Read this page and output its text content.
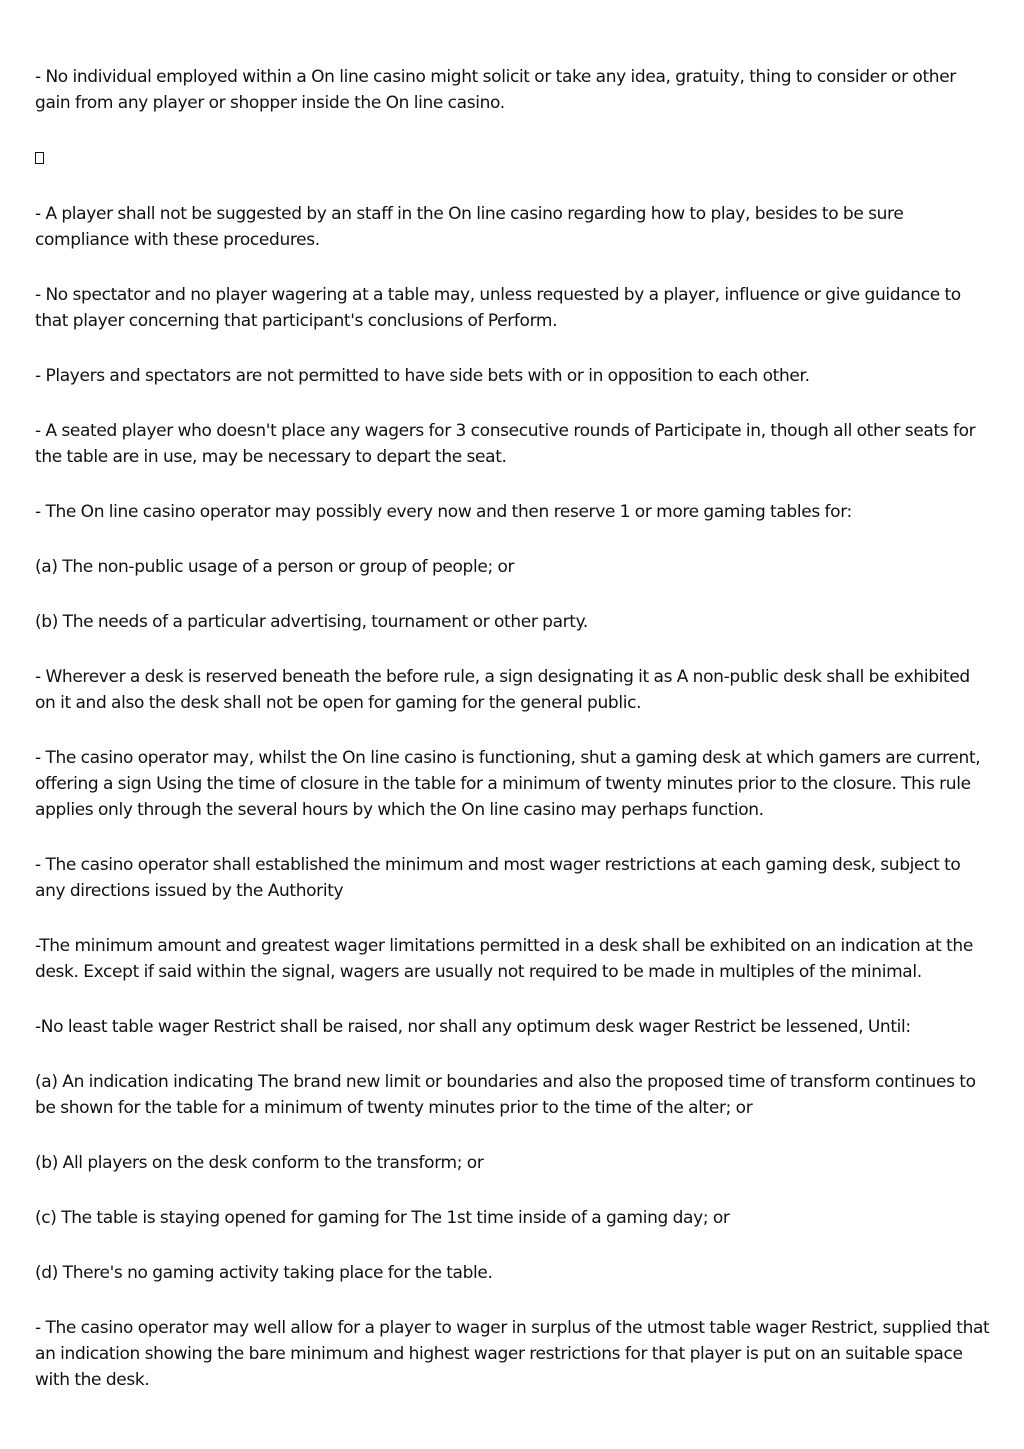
- No individual employed within a On line casino might solicit or take any idea, gratuity, thing to consider or other gain from any player or shopper inside the On line casino.

- A player shall not be suggested by an staff in the On line casino regarding how to play, besides to be sure compliance with these procedures.

- No spectator and no player wagering at a table may, unless requested by a player, influence or give guidance to that player concerning that participant's conclusions of Perform.

- Players and spectators are not permitted to have side bets with or in opposition to each other.

- A seated player who doesn't place any wagers for 3 consecutive rounds of Participate in, though all other seats for the table are in use, may be necessary to depart the seat.

- The On line casino operator may possibly every now and then reserve 1 or more gaming tables for:

(a) The non-public usage of a person or group of people; or

(b) The needs of a particular advertising, tournament or other party.

- Wherever a desk is reserved beneath the before rule, a sign designating it as A non-public desk shall be exhibited on it and also the desk shall not be open for gaming for the general public.

- The casino operator may, whilst the On line casino is functioning, shut a gaming desk at which gamers are current, offering a sign Using the time of closure in the table for a minimum of twenty minutes prior to the closure. This rule applies only through the several hours by which the On line casino may perhaps function.

- The casino operator shall established the minimum and most wager restrictions at each gaming desk, subject to any directions issued by the Authority

-The minimum amount and greatest wager limitations permitted in a desk shall be exhibited on an indication at the desk. Except if said within the signal, wagers are usually not required to be made in multiples of the minimal.

-No least table wager Restrict shall be raised, nor shall any optimum desk wager Restrict be lessened, Until:

(a) An indication indicating The brand new limit or boundaries and also the proposed time of transform continues to be shown for the table for a minimum of twenty minutes prior to the time of the alter; or

(b) All players on the desk conform to the transform; or

(c) The table is staying opened for gaming for The 1st time inside of a gaming day; or

(d) There's no gaming activity taking place for the table.

- The casino operator may well allow for a player to wager in surplus of the utmost table wager Restrict, supplied that an indication showing the bare minimum and highest wager restrictions for that player is put on an suitable space with the desk.
